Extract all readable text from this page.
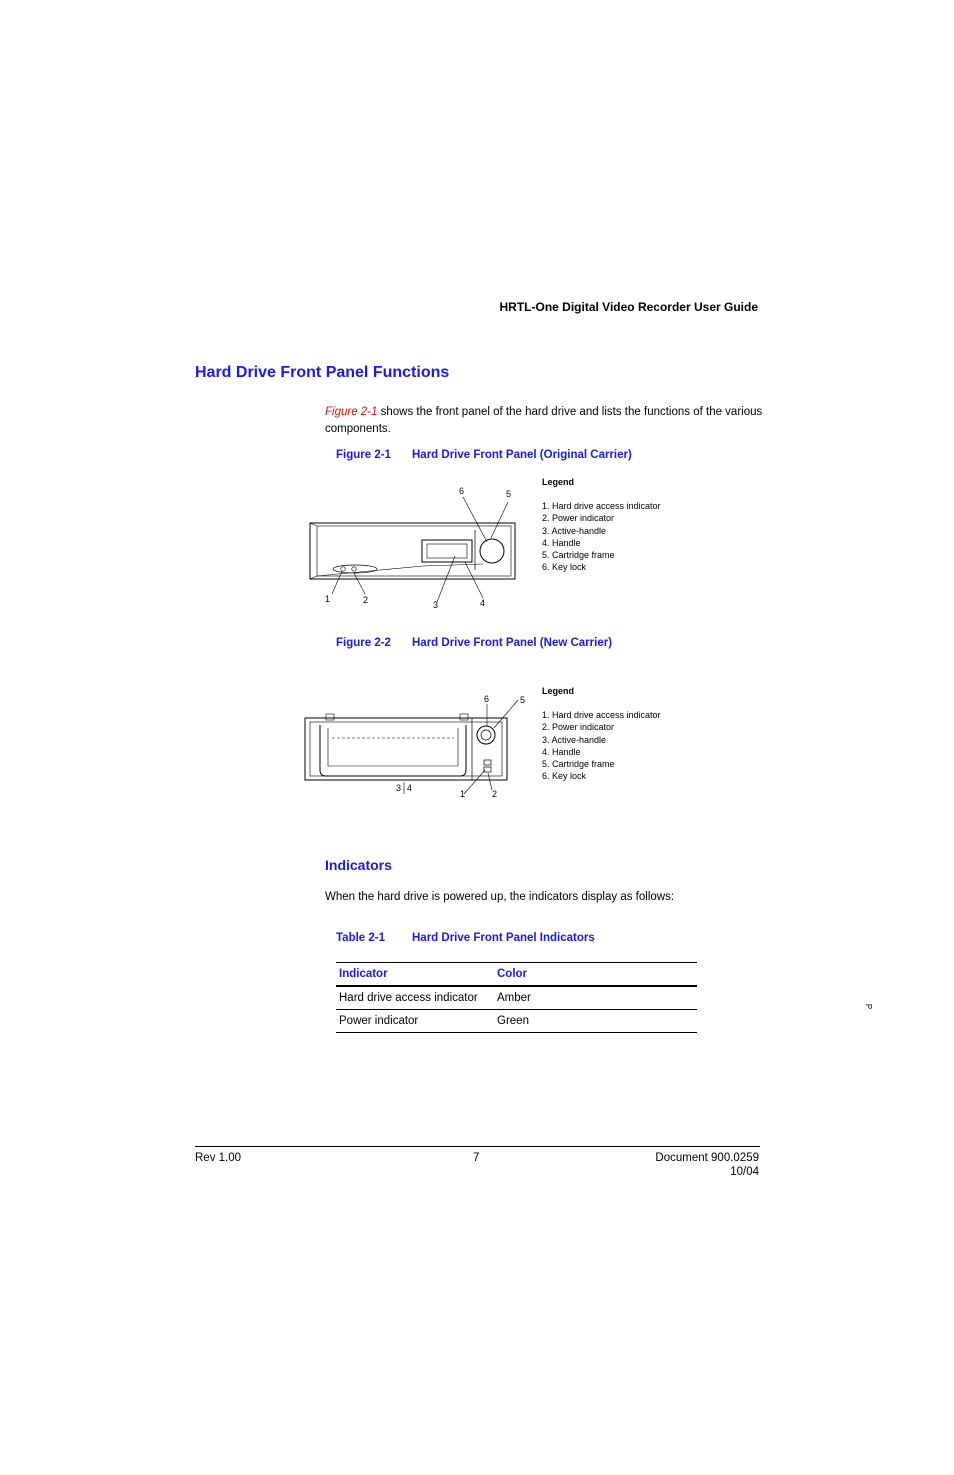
HRTL-One Digital Video Recorder User Guide
Hard Drive Front Panel Functions
Figure 2-1 shows the front panel of the hard drive and lists the functions of the various components.
Figure 2-1 Hard Drive Front Panel (Original Carrier)
6	5
1	2	3	4
Legend
1. Hard drive access indicator
2. Power indicator
3. Active-handle
4. Handle
5. Cartridge frame
6. Key lock
Figure 2-2 Hard Drive Front Panel (New Carrier)
6	5
3 4
1	2
Legend
1. Hard drive access indicator
2. Power indicator
3. Active-handle
4. Handle
5. Cartridge frame
6. Key lock
Indicators
When the hard drive is powered up, the indicators display as follows:
Table 2-1 Hard Drive Front Panel Indicators
Indicator	Color
Hard drive access indicator	Amber
Power indicator	Green
P
Rev 1.00	7	Document 900.0259
10/04
